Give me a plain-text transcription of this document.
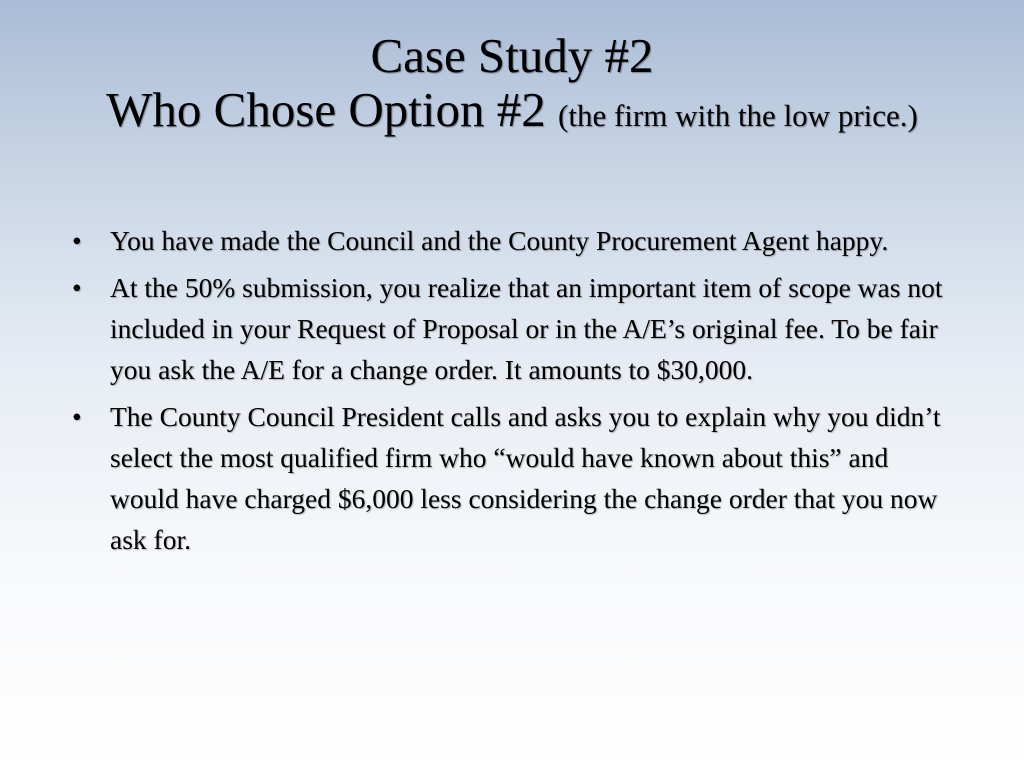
Case Study #2
Who Chose Option #2 (the firm with the low price.)
• You have made the Council and the County Procurement Agent happy.
• At the 50% submission, you realize that an important item of scope was not included in your Request of Proposal or in the A/E’s original fee. To be fair you ask the A/E for a change order. It amounts to $30,000.
• The County Council President calls and asks you to explain why you didn’t select the most qualified firm who “would have known about this” and would have charged $6,000 less considering the change order that you now ask for.
